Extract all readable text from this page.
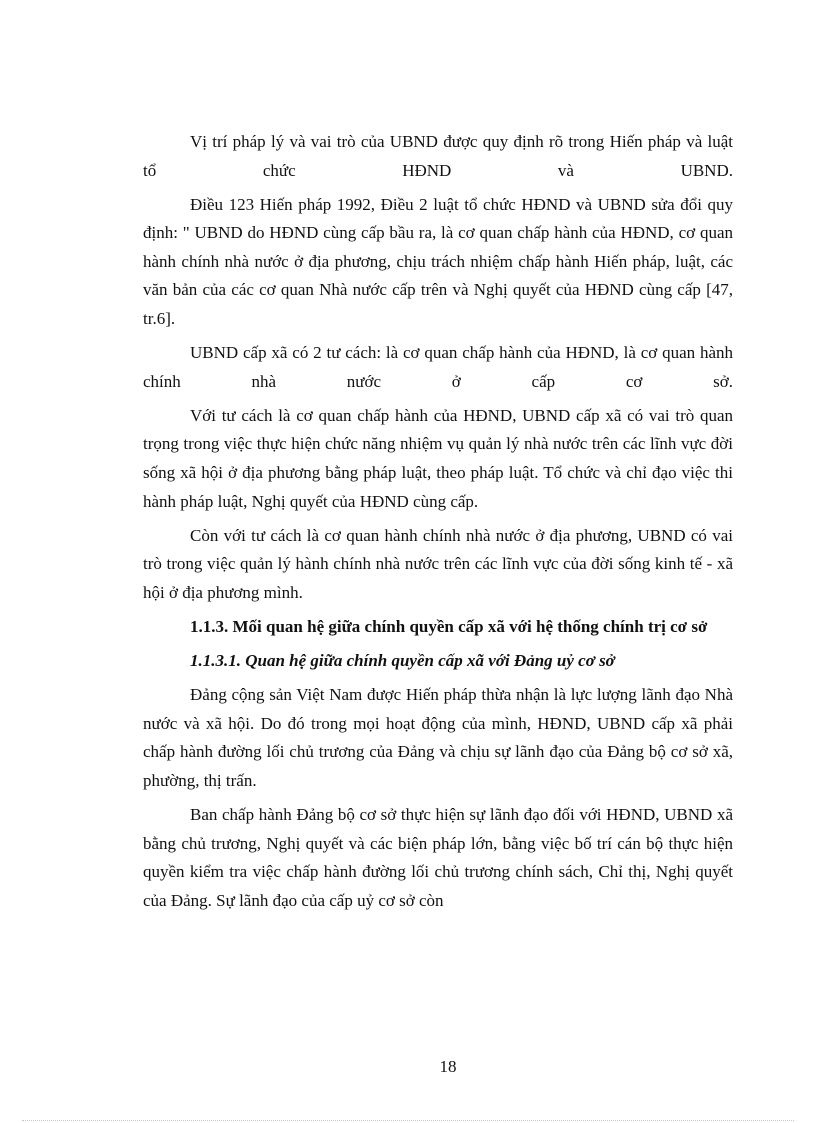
Vị trí pháp lý và vai trò của UBND được quy định rõ trong Hiến pháp và luật tổ chức HĐND và UBND.

Điều 123 Hiến pháp 1992, Điều 2 luật tổ chức HĐND và UBND sửa đổi quy định: " UBND do HĐND cùng cấp bầu ra, là cơ quan chấp hành của HĐND, cơ quan hành chính nhà nước ở địa phương, chịu trách nhiệm chấp hành Hiến pháp, luật, các văn bản của các cơ quan Nhà nước cấp trên và Nghị quyết của HĐND cùng cấp [47, tr.6].

UBND cấp xã có 2 tư cách: là cơ quan chấp hành của HĐND, là cơ quan hành chính nhà nước ở cấp cơ sở.

Với tư cách là cơ quan chấp hành của HĐND, UBND cấp xã có vai trò quan trọng trong việc thực hiện chức năng nhiệm vụ quản lý nhà nước trên các lĩnh vực đời sống xã hội ở địa phương bằng pháp luật, theo pháp luật. Tổ chức và chỉ đạo việc thi hành pháp luật, Nghị quyết của HĐND cùng cấp.

Còn với tư cách là cơ quan hành chính nhà nước ở địa phương, UBND có vai trò trong việc quản lý hành chính nhà nước trên các lĩnh vực của đời sống kinh tế - xã hội ở địa phương mình.

1.1.3. Mối quan hệ giữa chính quyền cấp xã với hệ thống chính trị cơ sở

1.1.3.1. Quan hệ giữa chính quyền cấp xã với Đảng uỷ cơ sở

Đảng cộng sản Việt Nam được Hiến pháp thừa nhận là lực lượng lãnh đạo Nhà nước và xã hội. Do đó trong mọi hoạt động của mình, HĐND, UBND cấp xã phải chấp hành đường lối chủ trương của Đảng và chịu sự lãnh đạo của Đảng bộ cơ sở xã, phường, thị trấn.

Ban chấp hành Đảng bộ cơ sở thực hiện sự lãnh đạo đối với HĐND, UBND xã bằng chủ trương, Nghị quyết và các biện pháp lớn, bằng việc bố trí cán bộ thực hiện quyền kiểm tra việc chấp hành đường lối chủ trương chính sách, Chỉ thị, Nghị quyết của Đảng. Sự lãnh đạo của cấp uỷ cơ sở còn

18
